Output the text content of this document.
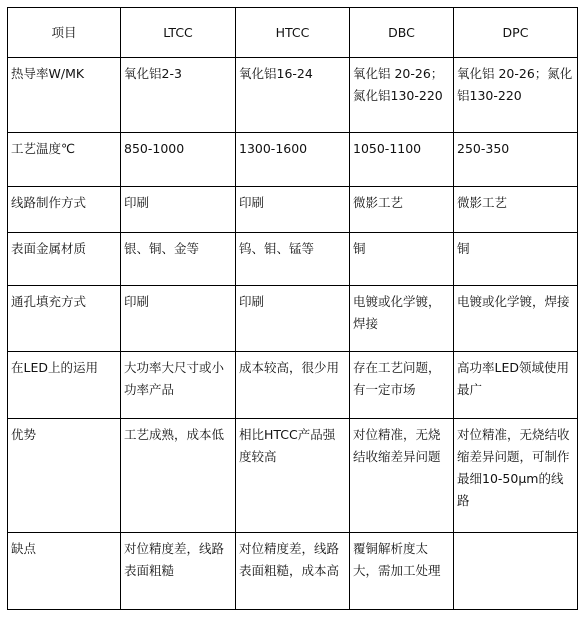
项目	LTCC	HTCC	DBC	DPC
热导率W/MK	氧化铝2-3	氧化铝16-24	氧化铝 20-26；氮化铝130-220	氧化铝 20-26；氮化铝130-220
工艺温度℃	850-1000	1300-1600	1050-1100	250-350
线路制作方式	印刷	印刷	微影工艺	微影工艺
表面金属材质	银、铜、金等	钨、钼、锰等	铜	铜
通孔填充方式	印刷	印刷	电镀或化学镀，焊接	电镀或化学镀，焊接
在LED上的运用	大功率大尺寸或小功率产品	成本较高，很少用	存在工艺问题，有一定市场	高功率LED领域使用最广
优势	工艺成熟，成本低	相比HTCC产品强度较高	对位精准，无烧结收缩差异问题	对位精准，无烧结收缩差异问题，可制作最细10-50μm的线路
缺点	对位精度差，线路表面粗糙	对位精度差，线路表面粗糙，成本高	覆铜解析度太大，需加工处理	
